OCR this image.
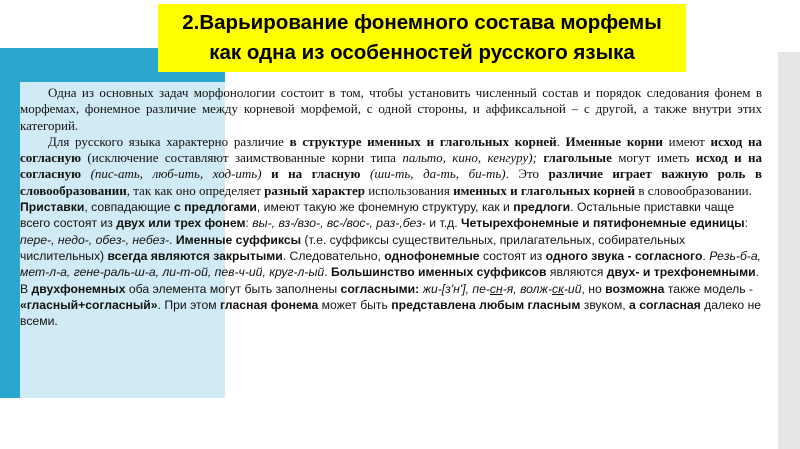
2.Варьирование фонемного состава морфемы
как одна из особенностей русского языка

Одна из основных задач морфонологии состоит в том, чтобы установить численный состав и порядок следования фонем в морфемах, фонемное различие между корневой морфемой, с одной стороны, и аффиксальной – с другой, а также внутри этих категорий.

Для русского языка характерно различие в структуре именных и глагольных корней. Именные корни имеют исход на согласную (исключение составляют заимствованные корни типа пальто, кино, кенгуру); глагольные могут иметь исход и на согласную (пис-ать, люб-ить, ход-ить) и на гласную (ши-ть, да-ть, би-ть). Это различие играет важную роль в словообразовании, так как оно определяет разный характер использования именных и глагольных корней в словообразовании.

Приставки, совпадающие с предлогами, имеют такую же фонемную структуру, как и предлоги. Остальные приставки чаще всего состоят из двух или трех фонем: вы-, вз-/взо-, вс-/вос-, раз-,без- и т.д. Четырехфонемные и пятифонемные единицы: пере-, недо-, обез-, небез-. Именные суффиксы (т.е. суффиксы существительных, прилагательных, собирательных числительных) всегда являются закрытыми. Следовательно, однофонемные состоят из одного звука - согласного. Резь-б-а, мет-л-а, гене-раль-ш-а, ли-т-ой, пев-ч-ий, круг-л-ый. Большинство именных суффиксов являются двух- и трехфонемными. В двухфонемных оба элемента могут быть заполнены согласными: жи-[з'н'], пе-сн-я, волж-ск-ий, но возможна также модель - «гласный+согласный». При этом гласная фонема может быть представлена любым гласным звуком, а согласная далеко не всеми.
